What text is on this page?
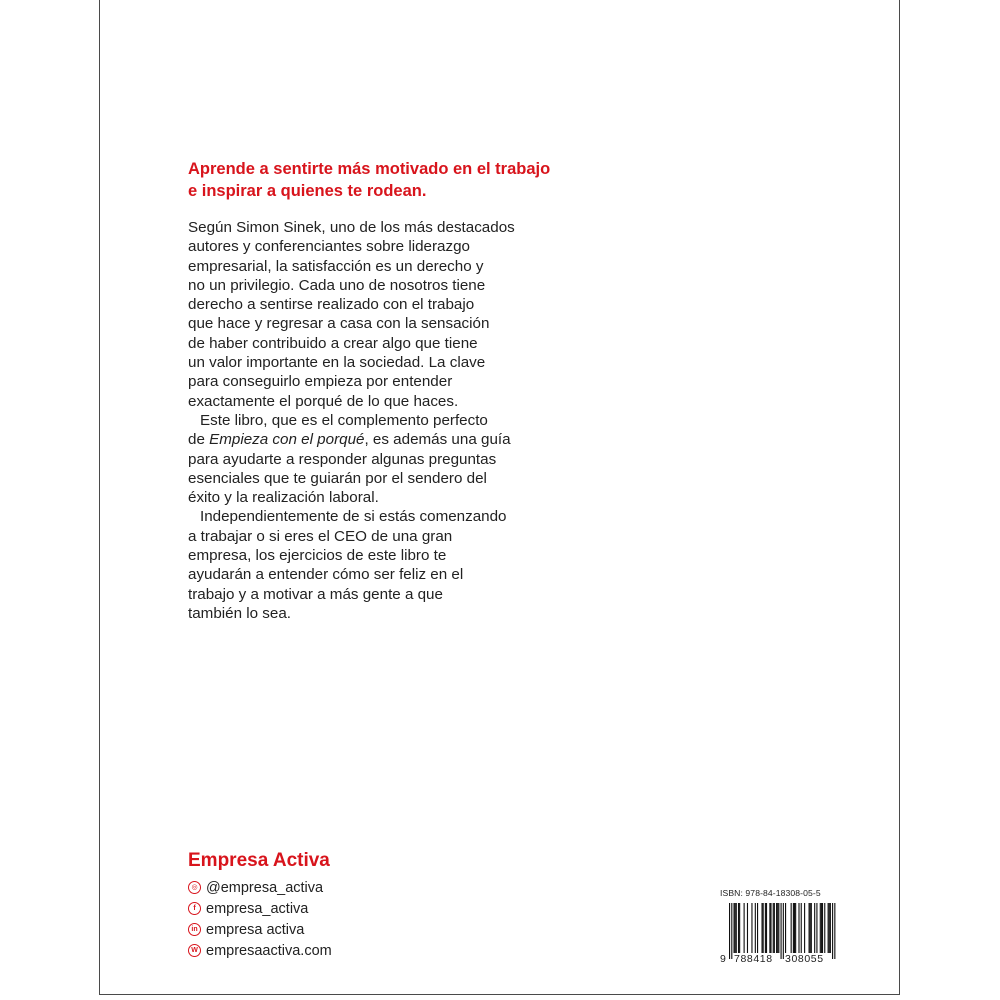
Aprende a sentirte más motivado en el trabajo
e inspirar a quienes te rodean.
Según Simon Sinek, uno de los más destacados
autores y conferenciantes sobre liderazgo
empresarial, la satisfacción es un derecho y
no un privilegio. Cada uno de nosotros tiene
derecho a sentirse realizado con el trabajo
que hace y regresar a casa con la sensación
de haber contribuido a crear algo que tiene
un valor importante en la sociedad. La clave
para conseguirlo empieza por entender
exactamente el porqué de lo que haces.
Este libro, que es el complemento perfecto
de Empieza con el porqué, es además una guía
para ayudarte a responder algunas preguntas
esenciales que te guiarán por el sendero del
éxito y la realización laboral.
Independientemente de si estás comenzando
a trabajar o si eres el CEO de una gran
empresa, los ejercicios de este libro te
ayudarán a entender cómo ser feliz en el
trabajo y a motivar a más gente a que
también lo sea.
Empresa Activa
◎ @empresa_activa
f empresa_activa
in empresa activa
W empresaactiva.com
ISBN: 978-84-18308-05-5
9 788418 308055
